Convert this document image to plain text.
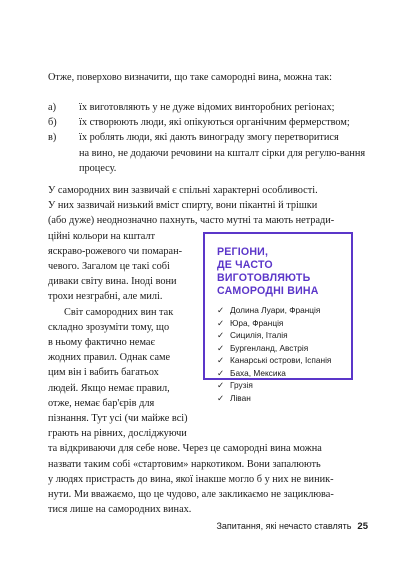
Отже, поверхово визначити, що таке самородні вина, можна так:

а) їх виготовляють у не дуже відомих винторобних регіонах;
б) їх створюють люди, які опікуються органічним фермерством;
в) їх роблять люди, які дають винограду змогу перетворитися
на вино, не додаючи речовини на кшталт сірки для регулю-вання процесу.
У самородних вин зазвичай є спільні характерні особливості.
У них зазвичай низький вміст спирту, вони пікантні й трішки
(або дуже) неоднозначно пахнуть, часто мутні та мають нетради-
ційні кольори на кшталт
яскраво-рожевого чи помаран-
чевого. Загалом це такі собі
диваки світу вина. Іноді вони
трохи незграбні, але милі.
Світ самородних вин так
складно зрозуміти тому, що
в ньому фактично немає
жодних правил. Однак саме
цим він і вабить багатьох
людей. Якщо немає правил,
отже, немає бар'єрів для
пізнання. Тут усі (чи майже всі)
грають на рівних, досліджуючи
та відкриваючи для себе нове. Через це самородні вина можна
назвати таким собі «стартовим» наркотиком. Вони запалюють
у людях пристрасть до вина, якої інакше могло б у них не виник-
нути. Ми вважаємо, що це чудово, але закликаємо не зациклюва-
тися лише на самородних винах.
РЕГІОНИ,
ДЕ ЧАСТО ВИГОТОВЛЯЮТЬ
САМОРОДНІ ВИНА
✓ Долина Луари, Франція
✓ Юра, Франція
✓ Сицилія, Італія
✓ Бургенланд, Австрія
✓ Канарські острови, Іспанія
✓ Баха, Мексика
✓ Грузія
✓ Ліван
Запитання, які нечасто ставлять 25
